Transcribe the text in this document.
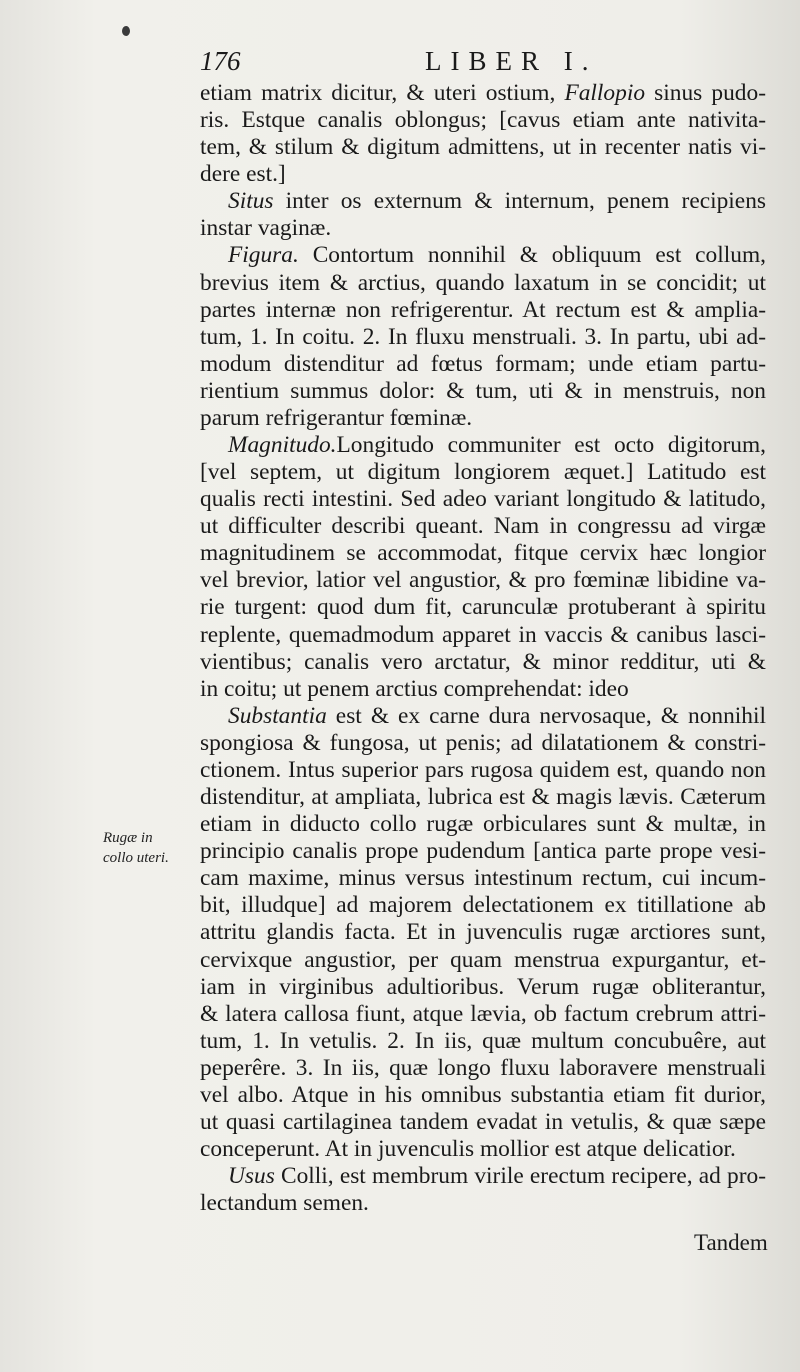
176	LIBER I.
etiam matrix dicitur, & uteri ostium, Fallopio sinus pudo-
ris. Estque canalis oblongus; [cavus etiam ante nativita-
tem, & stilum & digitum admittens, ut in recenter natis vi-
dere est.]
Situs inter os externum & internum, penem recipiens
instar vaginæ.
Figura. Contortum nonnihil & obliquum est collum,
brevius item & arctius, quando laxatum in se concidit; ut
partes internæ non refrigerentur. At rectum est & amplia-
tum, 1. In coitu. 2. In fluxu menstruali. 3. In partu, ubi ad-
modum distenditur ad fœtus formam; unde etiam partu-
rientium summus dolor: & tum, uti & in menstruis, non
parum refrigerantur fœminæ.
Magnitudo.Longitudo communiter est octo digitorum,
[vel septem, ut digitum longiorem æquet.] Latitudo est
qualis recti intestini. Sed adeo variant longitudo & latitudo,
ut difficulter describi queant. Nam in congressu ad virgæ
magnitudinem se accommodat, fitque cervix hæc longior
vel brevior, latior vel angustior, & pro fœminæ libidine va-
rie turgent: quod dum fit, carunculæ protuberant à spiritu
replente, quemadmodum apparet in vaccis & canibus lasci-
vientibus; canalis vero arctatur, & minor redditur, uti &
in coitu; ut penem arctius comprehendat: ideo
Substantia est & ex carne dura nervosaque, & nonnihil
spongiosa & fungosa, ut penis; ad dilatationem & constri-
ctionem. Intus superior pars rugosa quidem est, quando non
distenditur, at ampliata, lubrica est & magis lævis. Cæterum
etiam in diducto collo rugæ orbiculares sunt & multæ, in
principio canalis prope pudendum [antica parte prope vesi-
cam maxime, minus versus intestinum rectum, cui incum-
bit, illudque] ad majorem delectationem ex titillatione ab
attritu glandis facta. Et in juvenculis rugæ arctiores sunt,
cervixque angustior, per quam menstrua expurgantur, et-
iam in virginibus adultioribus. Verum rugæ obliterantur,
& latera callosa fiunt, atque lævia, ob factum crebrum attri-
tum, 1. In vetulis. 2. In iis, quæ multum concubuêre, aut
peperêre. 3. In iis, quæ longo fluxu laboravere menstruali
vel albo. Atque in his omnibus substantia etiam fit durior,
ut quasi cartilaginea tandem evadat in vetulis, & quæ sæpe
conceperunt. At in juvenculis mollior est atque delicatior.
Usus Colli, est membrum virile erectum recipere, ad pro-
lectandum semen.
Rugæ in
collo uteri.
Tandem
